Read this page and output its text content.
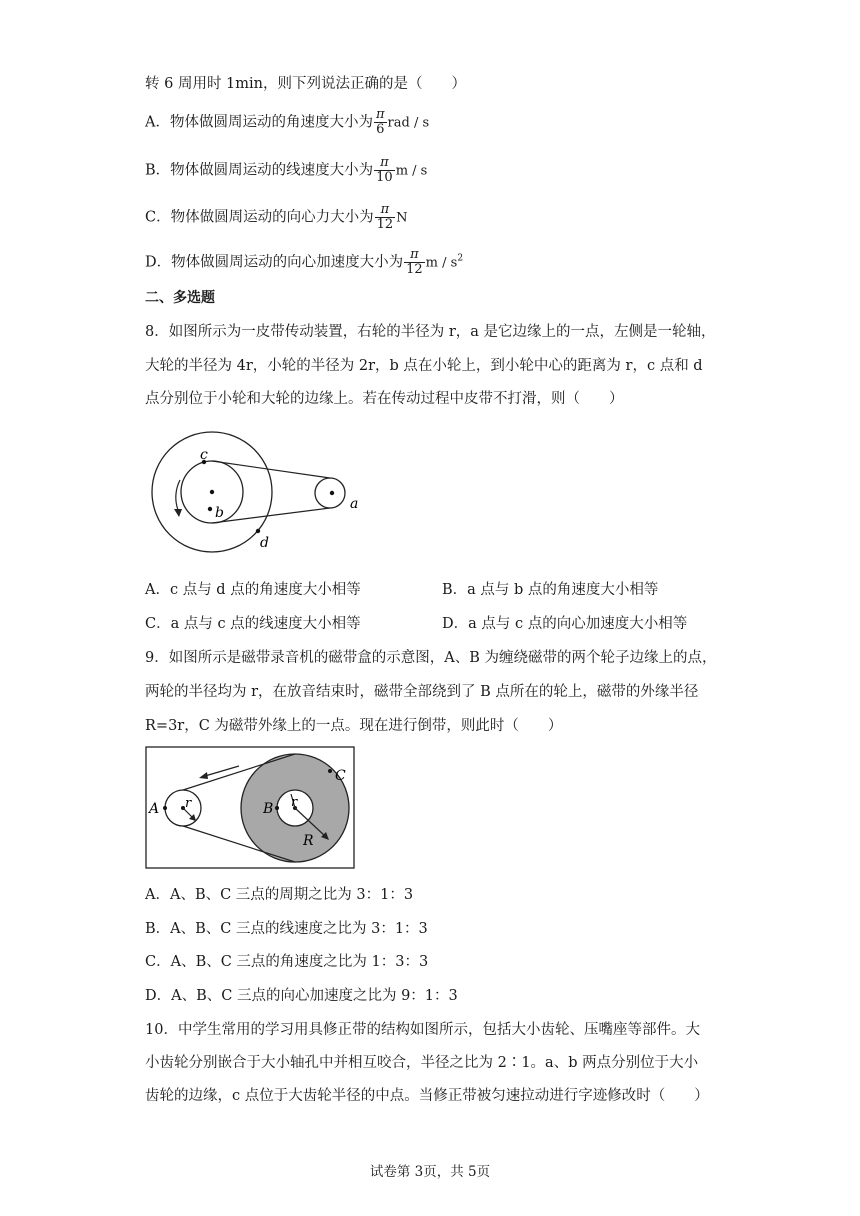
转 6 周用时 1min，则下列说法正确的是（　　）
A．物体做圆周运动的角速度大小为 $\frac{\pi}{6}$ rad / s
B．物体做圆周运动的线速度大小为 $\frac{\pi}{10}$ m / s
C．物体做圆周运动的向心力大小为 $\frac{\pi}{12}$ N
D．物体做圆周运动的向心加速度大小为 $\frac{\pi}{12}$ m / $s^2$
二、多选题
8．如图所示为一皮带传动装置，右轮的半径为 r，a 是它边缘上的一点，左侧是一轮轴，
大轮的半径为 4r，小轮的半径为 2r，b 点在小轮上，到小轮中心的距离为 r，c 点和 d
点分别位于小轮和大轮的边缘上。若在传动过程中皮带不打滑，则（　　）
c
b
d
a
A．c 点与 d 点的角速度大小相等	B．a 点与 b 点的角速度大小相等
C．a 点与 c 点的线速度大小相等	D．a 点与 c 点的向心加速度大小相等
9．如图所示是磁带录音机的磁带盒的示意图，A、B 为缠绕磁带的两个轮子边缘上的点，
两轮的半径均为 r，在放音结束时，磁带全部绕到了 B 点所在的轮上，磁带的外缘半径
R=3r，C 为磁带外缘上的一点。现在进行倒带，则此时（　　）
A r	B r
R
C
A．A、B、C 三点的周期之比为 3：1：3
B．A、B、C 三点的线速度之比为 3：1：3
C．A、B、C 三点的角速度之比为 1：3：3
D．A、B、C 三点的向心加速度之比为 9：1：3
10．中学生常用的学习用具修正带的结构如图所示，包括大小齿轮、压嘴座等部件。大
小齿轮分别嵌合于大小轴孔中并相互咬合，半径之比为 2∶1。a、b 两点分别位于大小
齿轮的边缘，c 点位于大齿轮半径的中点。当修正带被匀速拉动进行字迹修改时（　　）
试卷第 3页，共 5页
